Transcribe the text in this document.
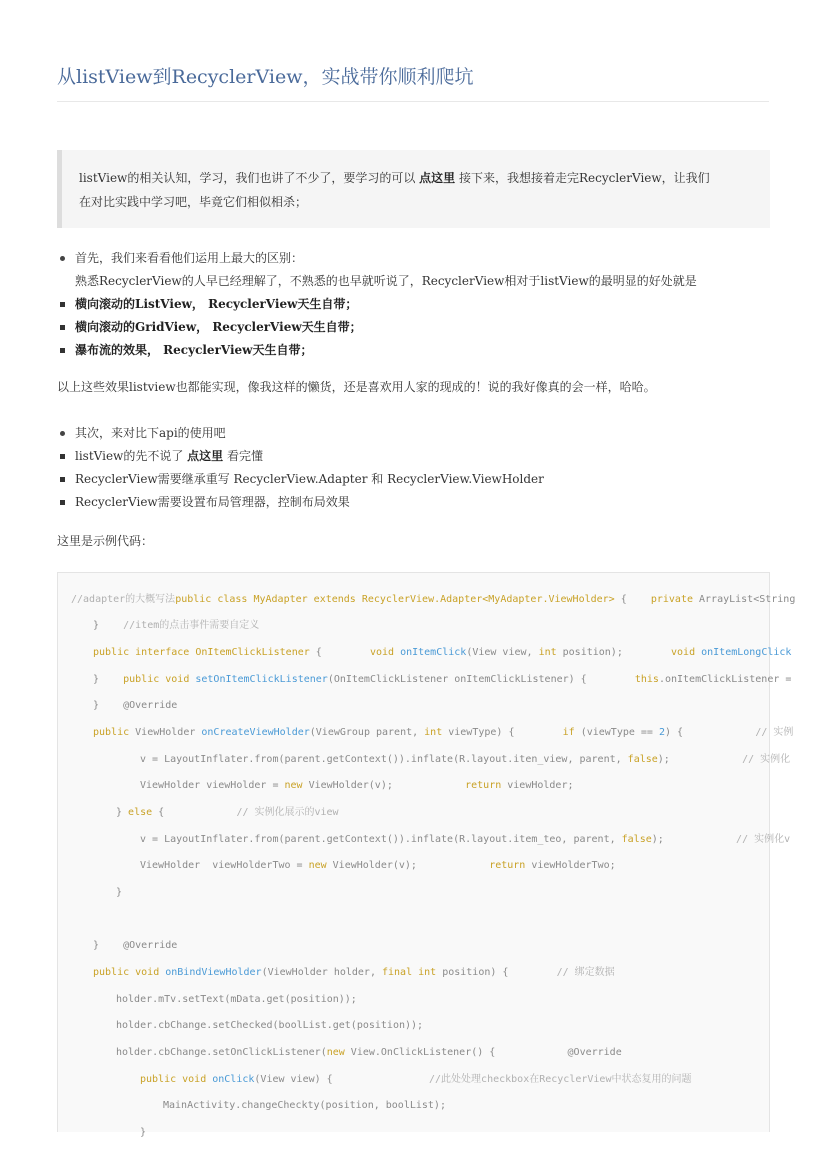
从listView到RecyclerView，实战带你顺利爬坑
listView的相关认知，学习，我们也讲了不少了，要学习的可以 点这里 接下来，我想接着走完RecyclerView，让我们
在对比实践中学习吧，毕竟它们相似相杀；
首先，我们来看看他们运用上最大的区别：
熟悉RecyclerView的人早已经理解了，不熟悉的也早就听说了，RecyclerView相对于listView的最明显的好处就是
横向滚动的ListView， RecyclerView天生自带；
横向滚动的GridView， RecyclerView天生自带；
瀑布流的效果， RecyclerView天生自带；
以上这些效果listview也都能实现，像我这样的懒货，还是喜欢用人家的现成的！说的我好像真的会一样，哈哈。
其次，来对比下api的使用吧
listView的先不说了 点这里 看完懂
RecyclerView需要继承重写 RecyclerView.Adapter 和 RecyclerView.ViewHolder
RecyclerView需要设置布局管理器，控制布局效果
这里是示例代码：
//adapter的大概写法public class MyAdapter extends RecyclerView.Adapter<MyAdapter.ViewHolder> {    private ArrayList<String
}    //item的点击事件需要自定义
public interface OnItemClickListener {        void onItemClick(View view, int position);        void onItemLongClick
}    public void setOnItemClickListener(OnItemClickListener onItemClickListener) {        this.onItemClickListener =
}    @Override
public ViewHolder onCreateViewHolder(ViewGroup parent, int viewType) {        if (viewType == 2) {            // 实例
v = LayoutInflater.from(parent.getContext()).inflate(R.layout.iten_view, parent, false);            // 实例化
ViewHolder viewHolder = new ViewHolder(v);            return viewHolder;
} else {            // 实例化展示的view
v = LayoutInflater.from(parent.getContext()).inflate(R.layout.item_teo, parent, false);            // 实例化v
ViewHolder  viewHolderTwo = new ViewHolder(v);            return viewHolderTwo;
}
}    @Override
public void onBindViewHolder(ViewHolder holder, final int position) {        // 绑定数据
holder.mTv.setText(mData.get(position));
holder.cbChange.setChecked(boolList.get(position));
holder.cbChange.setOnClickListener(new View.OnClickListener() {            @Override
public void onClick(View view) {                //此处处理checkbox在RecyclerView中状态复用的问题
MainActivity.changeCheckty(position, boolList);
}
